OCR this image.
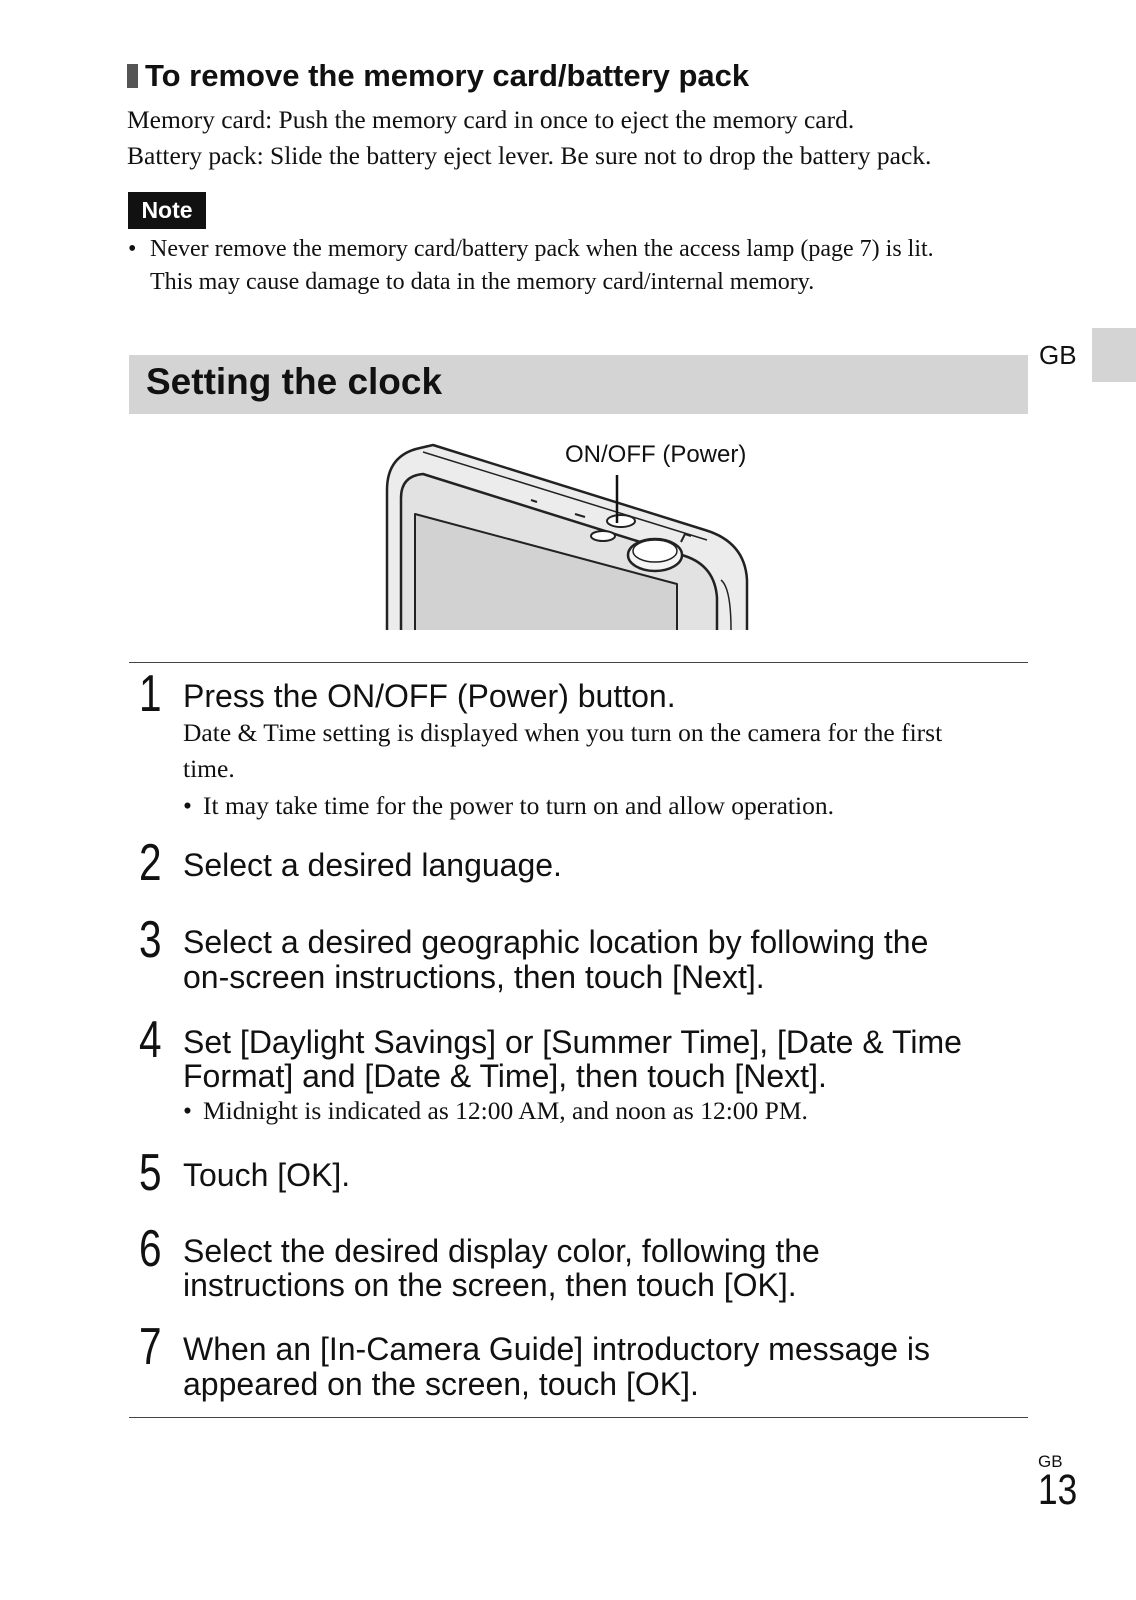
To remove the memory card/battery pack
Memory card: Push the memory card in once to eject the memory card.
Battery pack: Slide the battery eject lever. Be sure not to drop the battery pack.
Note
• Never remove the memory card/battery pack when the access lamp (page 7) is lit.
This may cause damage to data in the memory card/internal memory.
GB
Setting the clock
ON/OFF (Power)
1 Press the ON/OFF (Power) button.
Date & Time setting is displayed when you turn on the camera for the first
time.
• It may take time for the power to turn on and allow operation.
2 Select a desired language.
3 Select a desired geographic location by following the
on-screen instructions, then touch [Next].
4 Set [Daylight Savings] or [Summer Time], [Date & Time
Format] and [Date & Time], then touch [Next].
• Midnight is indicated as 12:00 AM, and noon as 12:00 PM.
5 Touch [OK].
6 Select the desired display color, following the
instructions on the screen, then touch [OK].
7 When an [In-Camera Guide] introductory message is
appeared on the screen, touch [OK].
GB
13
